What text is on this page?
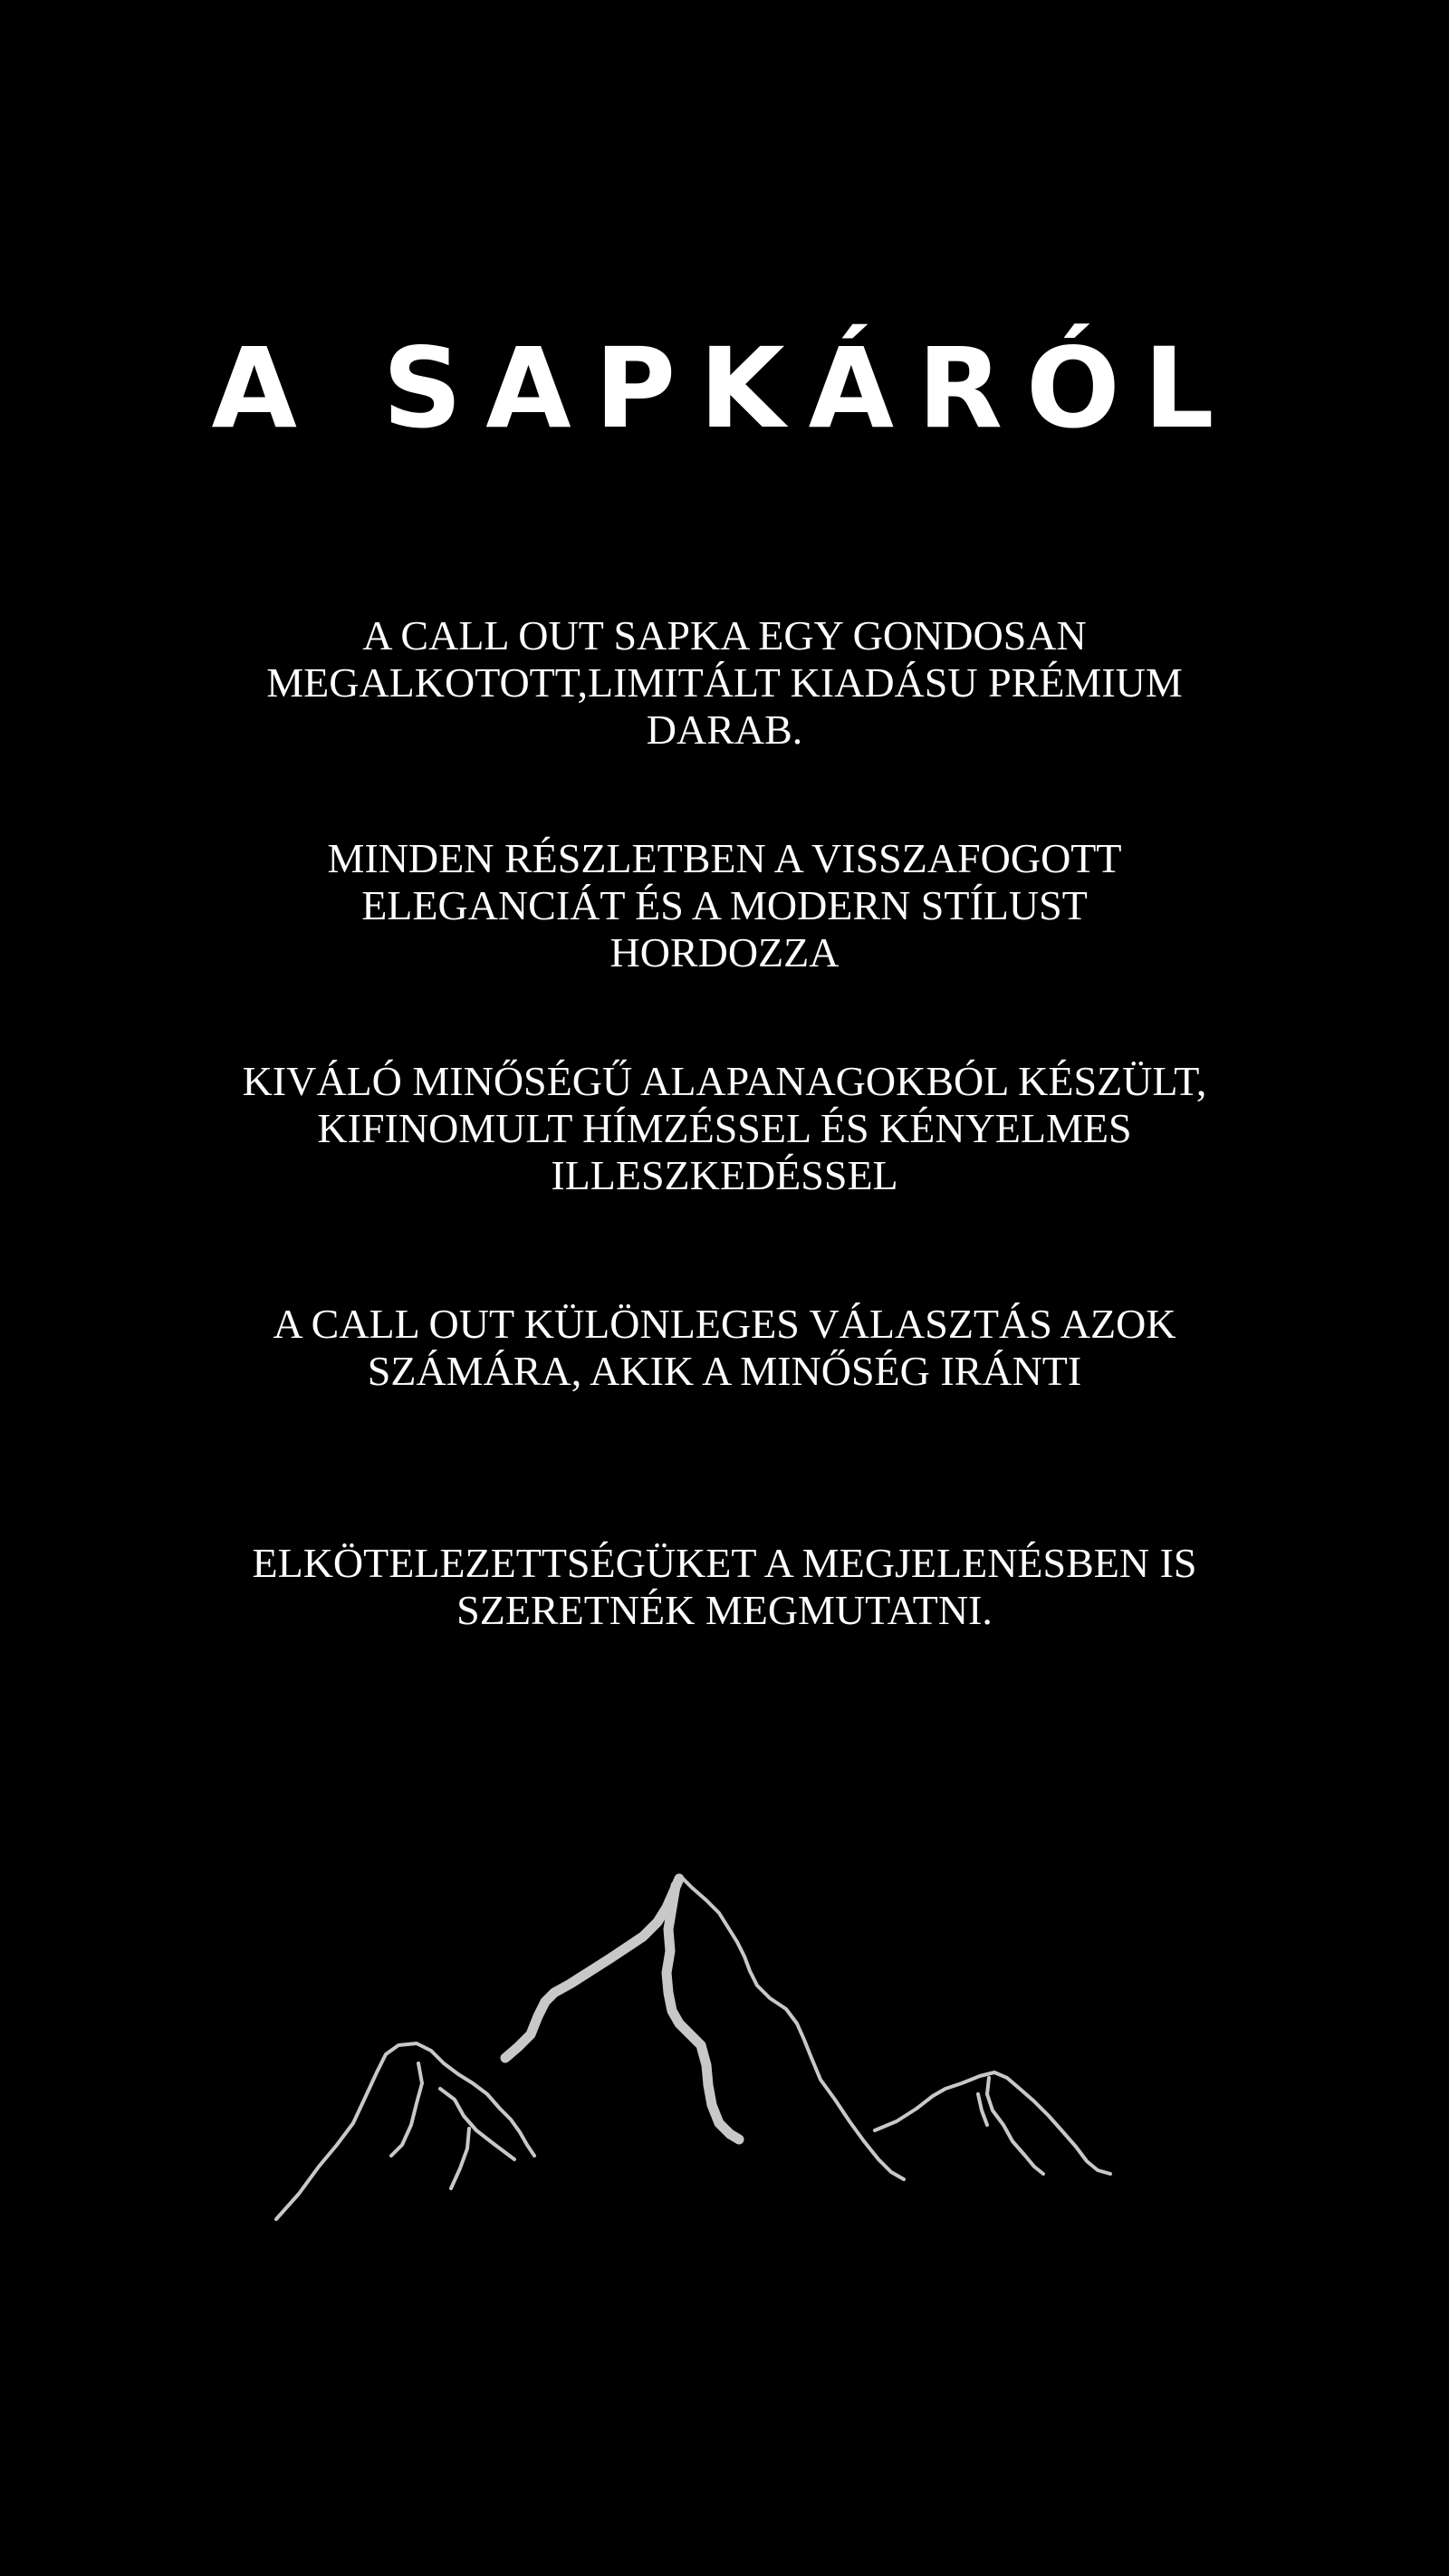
A SAPKÁRÓL
A CALL OUT SAPKA EGY GONDOSAN
MEGALKOTOTT,LIMITÁLT KIADÁSU PRÉMIUM
DARAB.
MINDEN RÉSZLETBEN A VISSZAFOGOTT
ELEGANCIÁT ÉS A MODERN STÍLUST
HORDOZZA
KIVÁLÓ MINŐSÉGŰ ALAPANAGOKBÓL KÉSZÜLT,
KIFINOMULT HÍMZÉSSEL ÉS KÉNYELMES
ILLESZKEDÉSSEL
A CALL OUT KÜLÖNLEGES VÁLASZTÁS AZOK
SZÁMÁRA, AKIK A MINŐSÉG IRÁNTI
ELKÖTELEZETTSÉGÜKET A MEGJELENÉSBEN IS
SZERETNÉK MEGMUTATNI.
